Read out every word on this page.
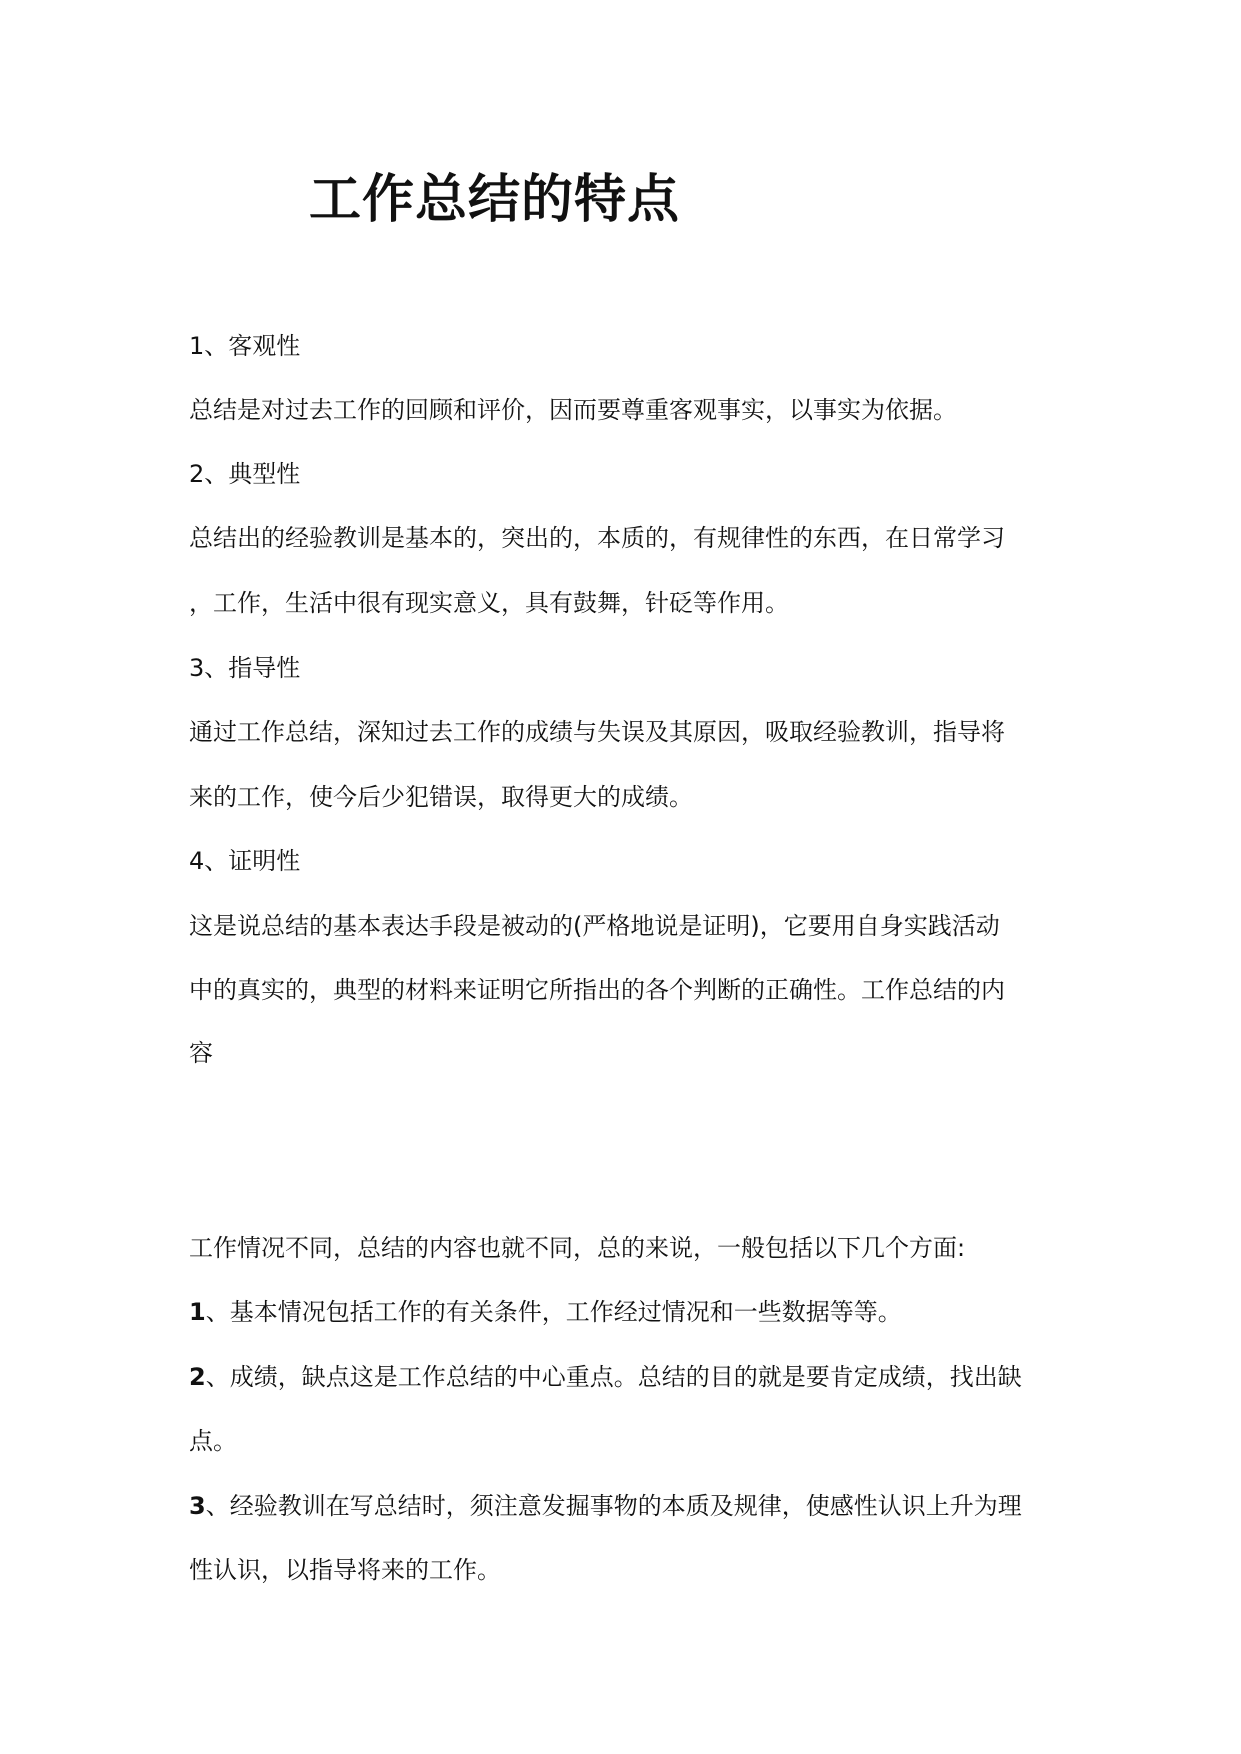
工作总结的特点
1、客观性
总结是对过去工作的回顾和评价，因而要尊重客观事实，以事实为依据。
2、典型性
总结出的经验教训是基本的，突出的，本质的，有规律性的东西，在日常学习
，工作，生活中很有现实意义，具有鼓舞，针砭等作用。
3、指导性
通过工作总结，深知过去工作的成绩与失误及其原因，吸取经验教训，指导将
来的工作，使今后少犯错误，取得更大的成绩。
4、证明性
这是说总结的基本表达手段是被动的(严格地说是证明)，它要用自身实践活动
中的真实的，典型的材料来证明它所指出的各个判断的正确性。工作总结的内
容
工作情况不同，总结的内容也就不同，总的来说，一般包括以下几个方面:
1、基本情况包括工作的有关条件，工作经过情况和一些数据等等。
2、成绩，缺点这是工作总结的中心重点。总结的目的就是要肯定成绩，找出缺
点。
3、经验教训在写总结时，须注意发掘事物的本质及规律，使感性认识上升为理
性认识，以指导将来的工作。
